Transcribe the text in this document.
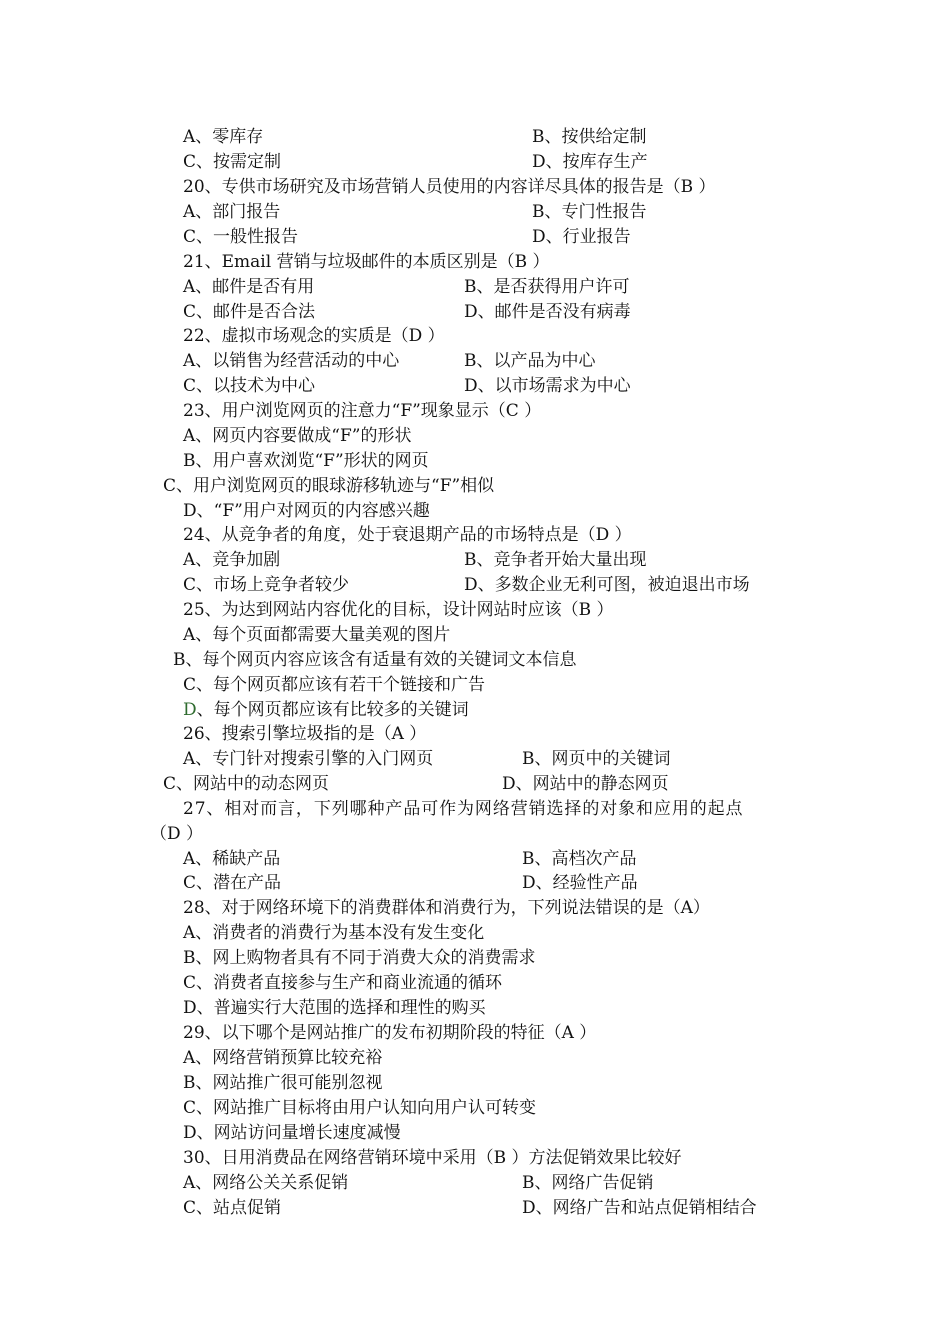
A、零库存	B、按供给定制
C、按需定制	D、按库存生产
20、专供市场研究及市场营销人员使用的内容详尽具体的报告是（B ）
A、部门报告	B、专门性报告
C、一般性报告	D、行业报告
21、Email 营销与垃圾邮件的本质区别是（B ）
A、邮件是否有用	B、是否获得用户许可
C、邮件是否合法	D、邮件是否没有病毒
22、虚拟市场观念的实质是（D ）
A、以销售为经营活动的中心	B、以产品为中心
C、以技术为中心	D、以市场需求为中心
23、用户浏览网页的注意力“F”现象显示（C ）
A、网页内容要做成“F”的形状
B、用户喜欢浏览“F”形状的网页
C、用户浏览网页的眼球游移轨迹与“F”相似
D、“F”用户对网页的内容感兴趣
24、从竞争者的角度，处于衰退期产品的市场特点是（D ）
A、竞争加剧	B、竞争者开始大量出现
C、市场上竞争者较少	D、多数企业无利可图，被迫退出市场
25、为达到网站内容优化的目标，设计网站时应该（B ）
A、每个页面都需要大量美观的图片
B、每个网页内容应该含有适量有效的关键词文本信息
C、每个网页都应该有若干个链接和广告
D、每个网页都应该有比较多的关键词
26、搜索引擎垃圾指的是（A ）
A、专门针对搜索引擎的入门网页	B、网页中的关键词
C、网站中的动态网页	D、网站中的静态网页
27、相对而言，下列哪种产品可作为网络营销选择的对象和应用的起点
（D ）
A、稀缺产品	B、高档次产品
C、潜在产品	D、经验性产品
28、对于网络环境下的消费群体和消费行为，下列说法错误的是（A）
A、消费者的消费行为基本没有发生变化
B、网上购物者具有不同于消费大众的消费需求
C、消费者直接参与生产和商业流通的循环
D、普遍实行大范围的选择和理性的购买
29、以下哪个是网站推广的发布初期阶段的特征（A ）
A、网络营销预算比较充裕
B、网站推广很可能别忽视
C、网站推广目标将由用户认知向用户认可转变
D、网站访问量增长速度减慢
30、日用消费品在网络营销环境中采用（B ）方法促销效果比较好
A、网络公关关系促销	B、网络广告促销
C、站点促销	D、网络广告和站点促销相结合
